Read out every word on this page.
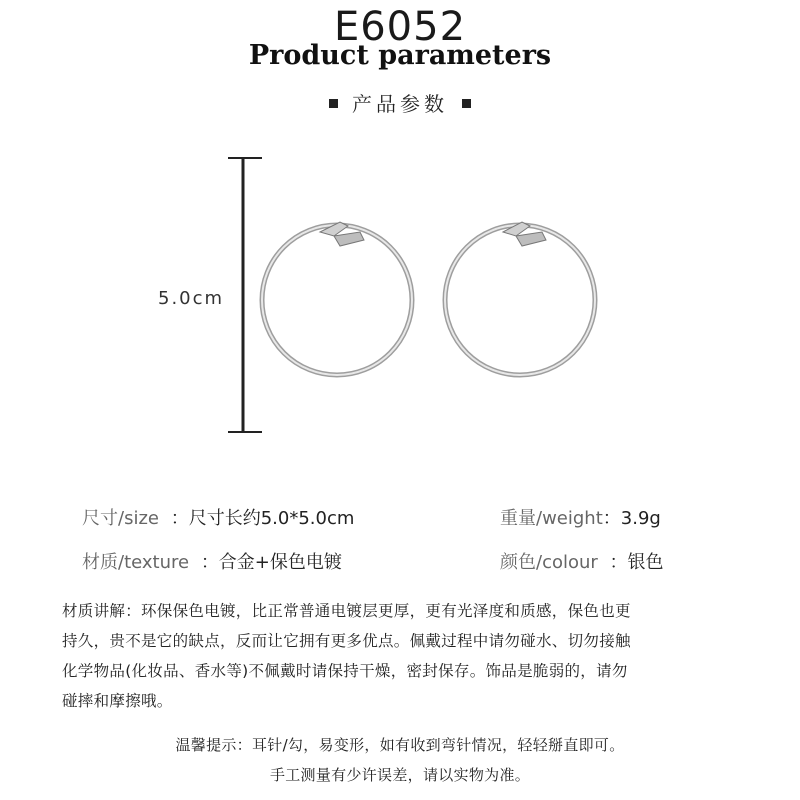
E6052
Product parameters
产品参数
5.0cm
尺寸/size ：尺寸长约5.0*5.0cm	重量/weight：3.9g
材质/texture ：合金+保色电镀	颜色/colour ：银色
材质讲解：环保保色电镀，比正常普通电镀层更厚，更有光泽度和质感，保色也更
持久，贵不是它的缺点，反而让它拥有更多优点。佩戴过程中请勿碰水、切勿接触
化学物品(化妆品、香水等)不佩戴时请保持干燥，密封保存。饰品是脆弱的，请勿
碰摔和摩擦哦。
温馨提示：耳针/勾，易变形，如有收到弯针情况，轻轻掰直即可。
手工测量有少许误差，请以实物为准。
